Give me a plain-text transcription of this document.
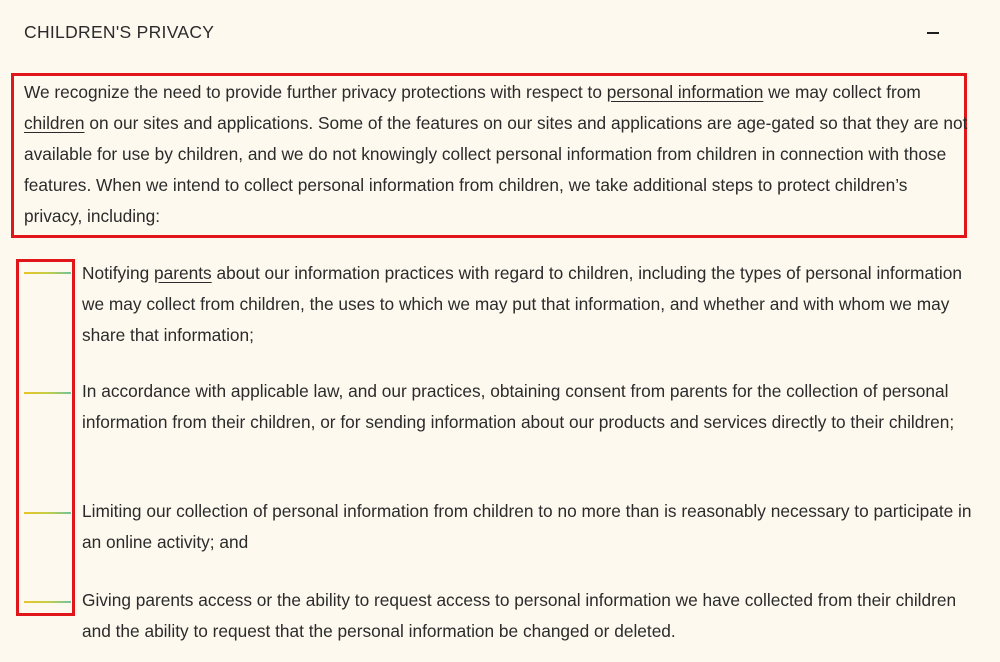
CHILDREN'S PRIVACY

We recognize the need to provide further privacy protections with respect to personal information we may collect from children on our sites and applications. Some of the features on our sites and applications are age-gated so that they are not available for use by children, and we do not knowingly collect personal information from children in connection with those features. When we intend to collect personal information from children, we take additional steps to protect children’s privacy, including:

Notifying parents about our information practices with regard to children, including the types of personal information we may collect from children, the uses to which we may put that information, and whether and with whom we may share that information;

In accordance with applicable law, and our practices, obtaining consent from parents for the collection of personal information from their children, or for sending information about our products and services directly to their children;

Limiting our collection of personal information from children to no more than is reasonably necessary to participate in an online activity; and

Giving parents access or the ability to request access to personal information we have collected from their children and the ability to request that the personal information be changed or deleted.
